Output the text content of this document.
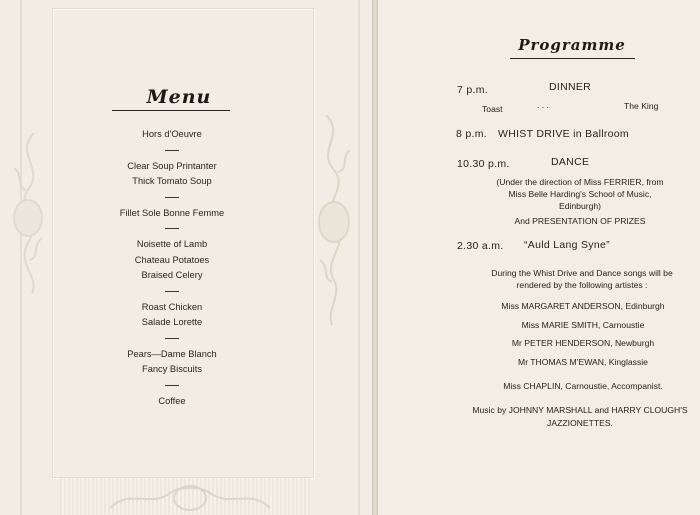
Menu
Hors d'Oeuvre
Clear Soup Printanter
Thick Tomato Soup
Fillet Sole Bonne Femme
Noisette of Lamb
Chateau Potatoes
Braised Celery
Roast Chicken
Salade Lorette
Pears—Dame Blanch
Fancy Biscuits
Coffee
Programme
7 p.m.	DINNER
Toast	. . .	The King
8 p.m. WHIST DRIVE in Ballroom
10.30 p.m.	DANCE
(Under the direction of Miss FERRIER, from
Miss Belle Harding's School of Music,
Edinburgh)
And PRESENTATION OF PRIZES
2.30 a.m. “Auld Lang Syne”
During the Whist Drive and Dance songs will be
rendered by the following artistes :
Miss MARGARET ANDERSON, Edinburgh
Miss MARIE SMITH, Carnoustie
Mr PETER HENDERSON, Newburgh
Mr THOMAS M’EWAN, Kinglassie
Miss CHAPLIN, Carnoustie, Accompanist.
Music by JOHNNY MARSHALL and HARRY CLOUGH'S
JAZZIONETTES.
